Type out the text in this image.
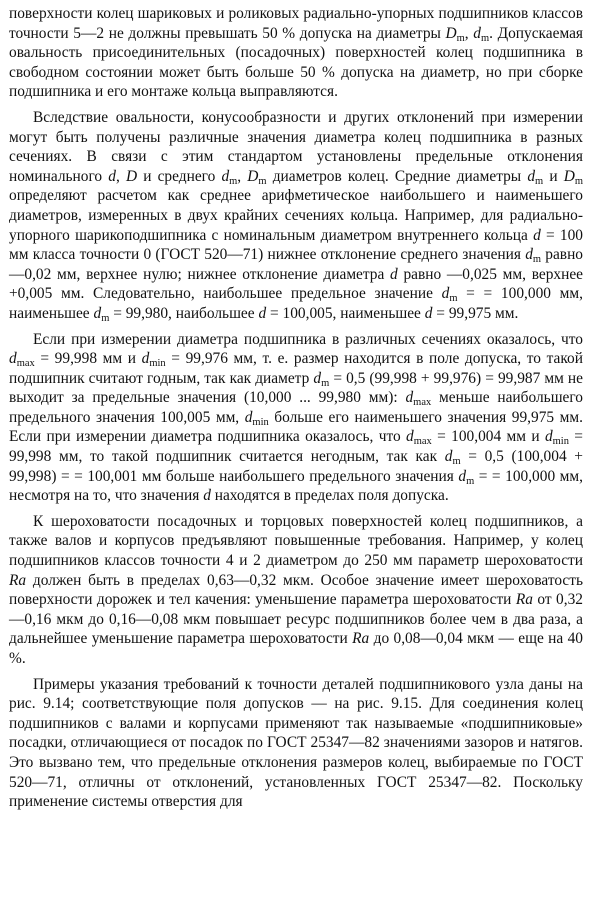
поверхности колец шариковых и роликовых радиально-упорных подшипников классов точности 5—2 не должны превышать 50 % допуска на диаметры $D_m$, $d_m$. Допускаемая овальность присоединительных (посадочных) поверхностей колец подшипника в свободном состоянии может быть больше 50 % допуска на диаметр, но при сборке подшипника и его монтаже кольца выправляются.

Вследствие овальности, конусообразности и других отклонений при измерении могут быть получены различные значения диаметра колец подшипника в разных сечениях. В связи с этим стандартом установлены предельные отклонения номинального d, D и среднего $d_m$, $D_m$ диаметров колец. Средние диаметры $d_m$ и $D_m$ определяют расчетом как среднее арифметическое наибольшего и наименьшего диаметров, измеренных в двух крайних сечениях кольца. Например, для радиально-упорного шарикоподшипника с номинальным диаметром внутреннего кольца d = 100 мм класса точности 0 (ГОСТ 520—71) нижнее отклонение среднего значения $d_m$ равно —0,02 мм, верхнее нулю; нижнее отклонение диаметра d равно —0,025 мм, верхнее +0,005 мм. Следовательно, наибольшее предельное значение $d_m$ = = 100,000 мм, наименьшее $d_m = 99,980$, наибольшее d = 100,005, наименьшее d = 99,975 мм.

Если при измерении диаметра подшипника в различных сечениях оказалось, что $d_{max} = 99,998$ мм и $d_{min} = 99,976$ мм, т. е. размер находится в поле допуска, то такой подшипник считают годным, так как диаметр $d_m = 0,5$ (99,998 + 99,976) = 99,987 мм не выходит за предельные значения (10,000 ... 99,980 мм): $d_{max}$ меньше наибольшего предельного значения 100,005 мм, $d_{min}$ больше его наименьшего значения 99,975 мм. Если при измерении диаметра подшипника оказалось, что $d_{max} = 100,004$ мм и $d_{min} = 99,998$ мм, то такой подшипник считается негодным, так как $d_m = 0,5$ (100,004 + 99,998) = = 100,001 мм больше наибольшего предельного значения $d_m$ = = 100,000 мм, несмотря на то, что значения d находятся в пределах поля допуска.

К шероховатости посадочных и торцовых поверхностей колец подшипников, а также валов и корпусов предъявляют повышенные требования. Например, у колец подшипников классов точности 4 и 2 диаметром до 250 мм параметр шероховатости Ra должен быть в пределах 0,63—0,32 мкм. Особое значение имеет шероховатость поверхности дорожек и тел качения: уменьшение параметра шероховатости Ra от 0,32—0,16 мкм до 0,16—0,08 мкм повышает ресурс подшипников более чем в два раза, а дальнейшее уменьшение параметра шероховатости Ra до 0,08—0,04 мкм — еще на 40 %.

Примеры указания требований к точности деталей подшипникового узла даны на рис. 9.14; соответствующие поля допусков — на рис. 9.15. Для соединения колец подшипников с валами и корпусами применяют так называемые «подшипниковые» посадки, отличающиеся от посадок по ГОСТ 25347—82 значениями зазоров и натягов. Это вызвано тем, что предельные отклонения размеров колец, выбираемые по ГОСТ 520—71, отличны от отклонений, установленных ГОСТ 25347—82. Поскольку применение системы отверстия для
